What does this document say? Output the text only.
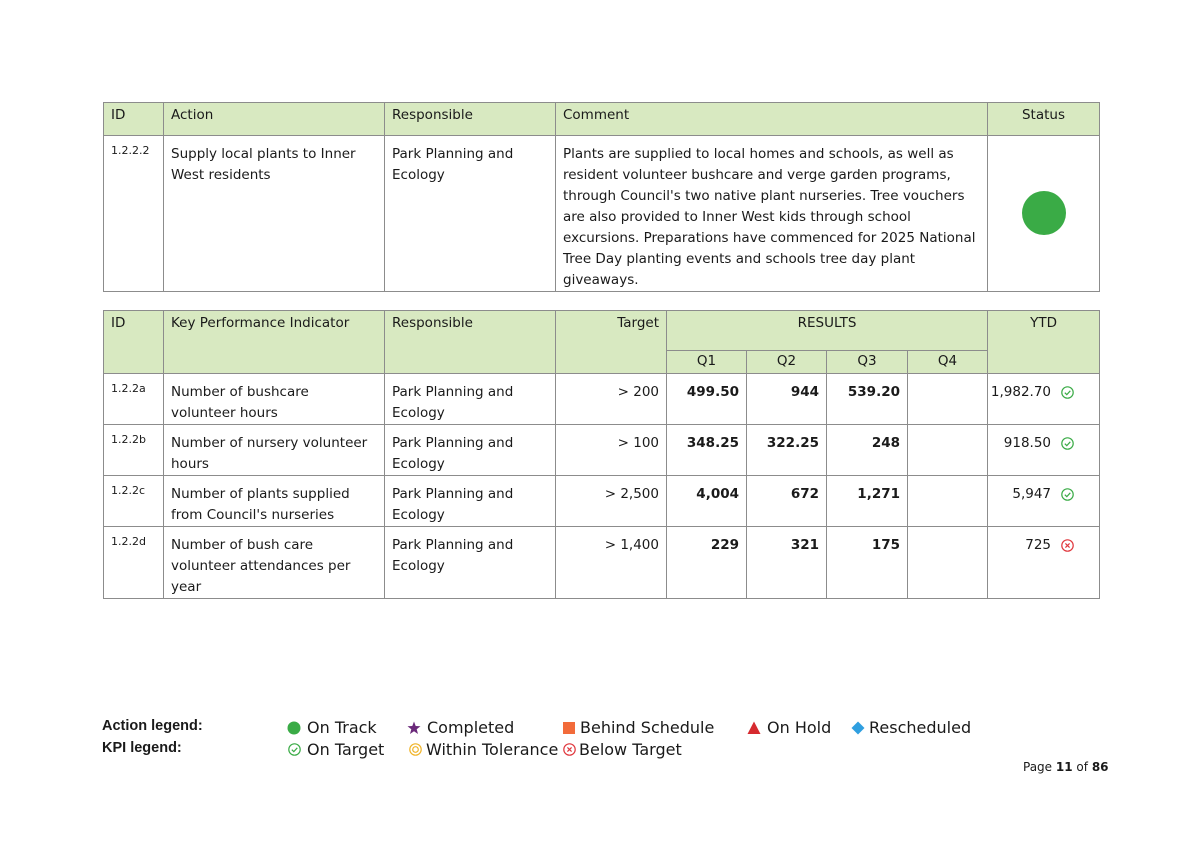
ID	Action	Responsible	Comment	Status
1.2.2.2	Supply local plants to Inner West residents	Park Planning and Ecology	Plants are supplied to local homes and schools, as well as resident volunteer bushcare and verge garden programs, through Council's two native plant nurseries. Tree vouchers are also provided to Inner West kids through school excursions. Preparations have commenced for 2025 National Tree Day planting events and schools tree day plant giveaways.	
ID	Key Performance Indicator	Responsible	Target	RESULTS				YTD
				Q1	Q2	Q3	Q4	
1.2.2a	Number of bushcare volunteer hours	Park Planning and Ecology	> 200	499.50	944	539.20		1,982.70

1.2.2b	Number of nursery volunteer hours	Park Planning and Ecology	> 100	348.25	322.25	248		918.50

1.2.2c	Number of plants supplied from Council's nurseries	Park Planning and Ecology	> 2,500	4,004	672	1,271		5,947

1.2.2d	Number of bush care volunteer attendances per year	Park Planning and Ecology	> 1,400	229	321	175		725
Action legend:
KPI legend:
On Track	Completed	Behind Schedule	On Hold Rescheduled
On Target	Within Tolerance Below Target
Page 11 of 86
